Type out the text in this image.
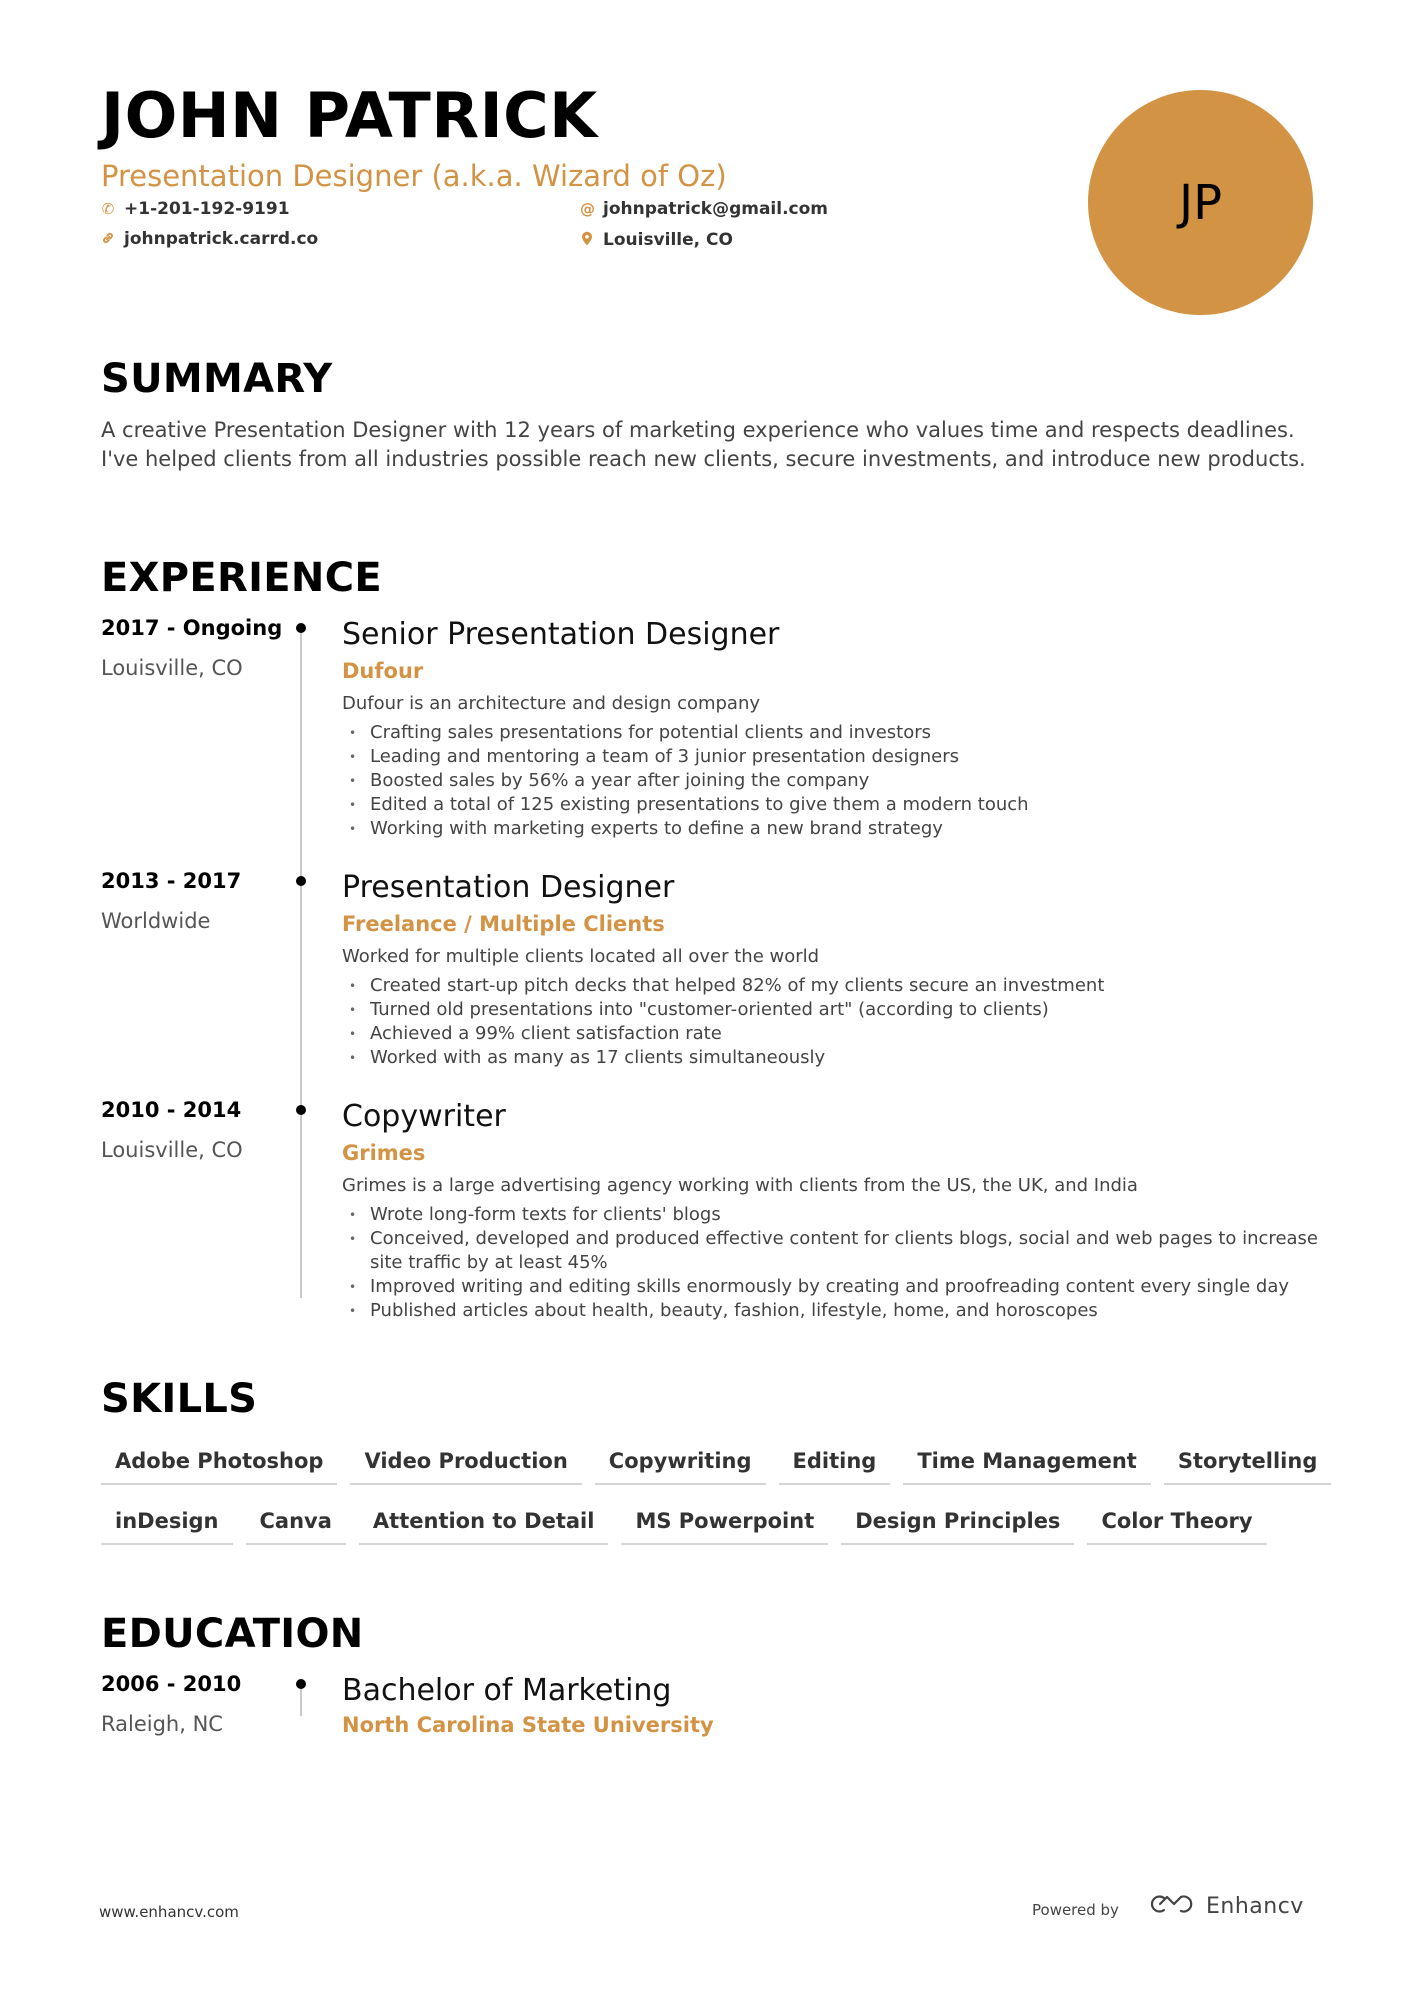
JOHN PATRICK
Presentation Designer (a.k.a. Wizard of Oz)
✆ +1-201-192-9191	@ johnpatrick@gmail.com
johnpatrick.carrd.co	Louisville, CO
JP
SUMMARY
A creative Presentation Designer with 12 years of marketing experience who values time and respects deadlines. I've helped clients from all industries possible reach new clients, secure investments, and introduce new products.
EXPERIENCE
2017 - Ongoing
Louisville, CO
Senior Presentation Designer
Dufour
Dufour is an architecture and design company
• Crafting sales presentations for potential clients and investors
• Leading and mentoring a team of 3 junior presentation designers
• Boosted sales by 56% a year after joining the company
• Edited a total of 125 existing presentations to give them a modern touch
• Working with marketing experts to define a new brand strategy
2013 - 2017
Worldwide
Presentation Designer
Freelance / Multiple Clients
Worked for multiple clients located all over the world
• Created start-up pitch decks that helped 82% of my clients secure an investment
• Turned old presentations into "customer-oriented art" (according to clients)
• Achieved a 99% client satisfaction rate
• Worked with as many as 17 clients simultaneously
2010 - 2014
Louisville, CO
Copywriter
Grimes
Grimes is a large advertising agency working with clients from the US, the UK, and India
• Wrote long-form texts for clients' blogs
• Conceived, developed and produced effective content for clients blogs, social and web pages to increase site traffic by at least 45%
• Improved writing and editing skills enormously by creating and proofreading content every single day
• Published articles about health, beauty, fashion, lifestyle, home, and horoscopes
SKILLS
Adobe Photoshop	Video Production	Copywriting	Editing	Time Management	Storytelling
inDesign	Canva	Attention to Detail	MS Powerpoint	Design Principles	Color Theory
EDUCATION
2006 - 2010
Raleigh, NC
Bachelor of Marketing
North Carolina State University
www.enhancv.com	Powered by	Enhancv
